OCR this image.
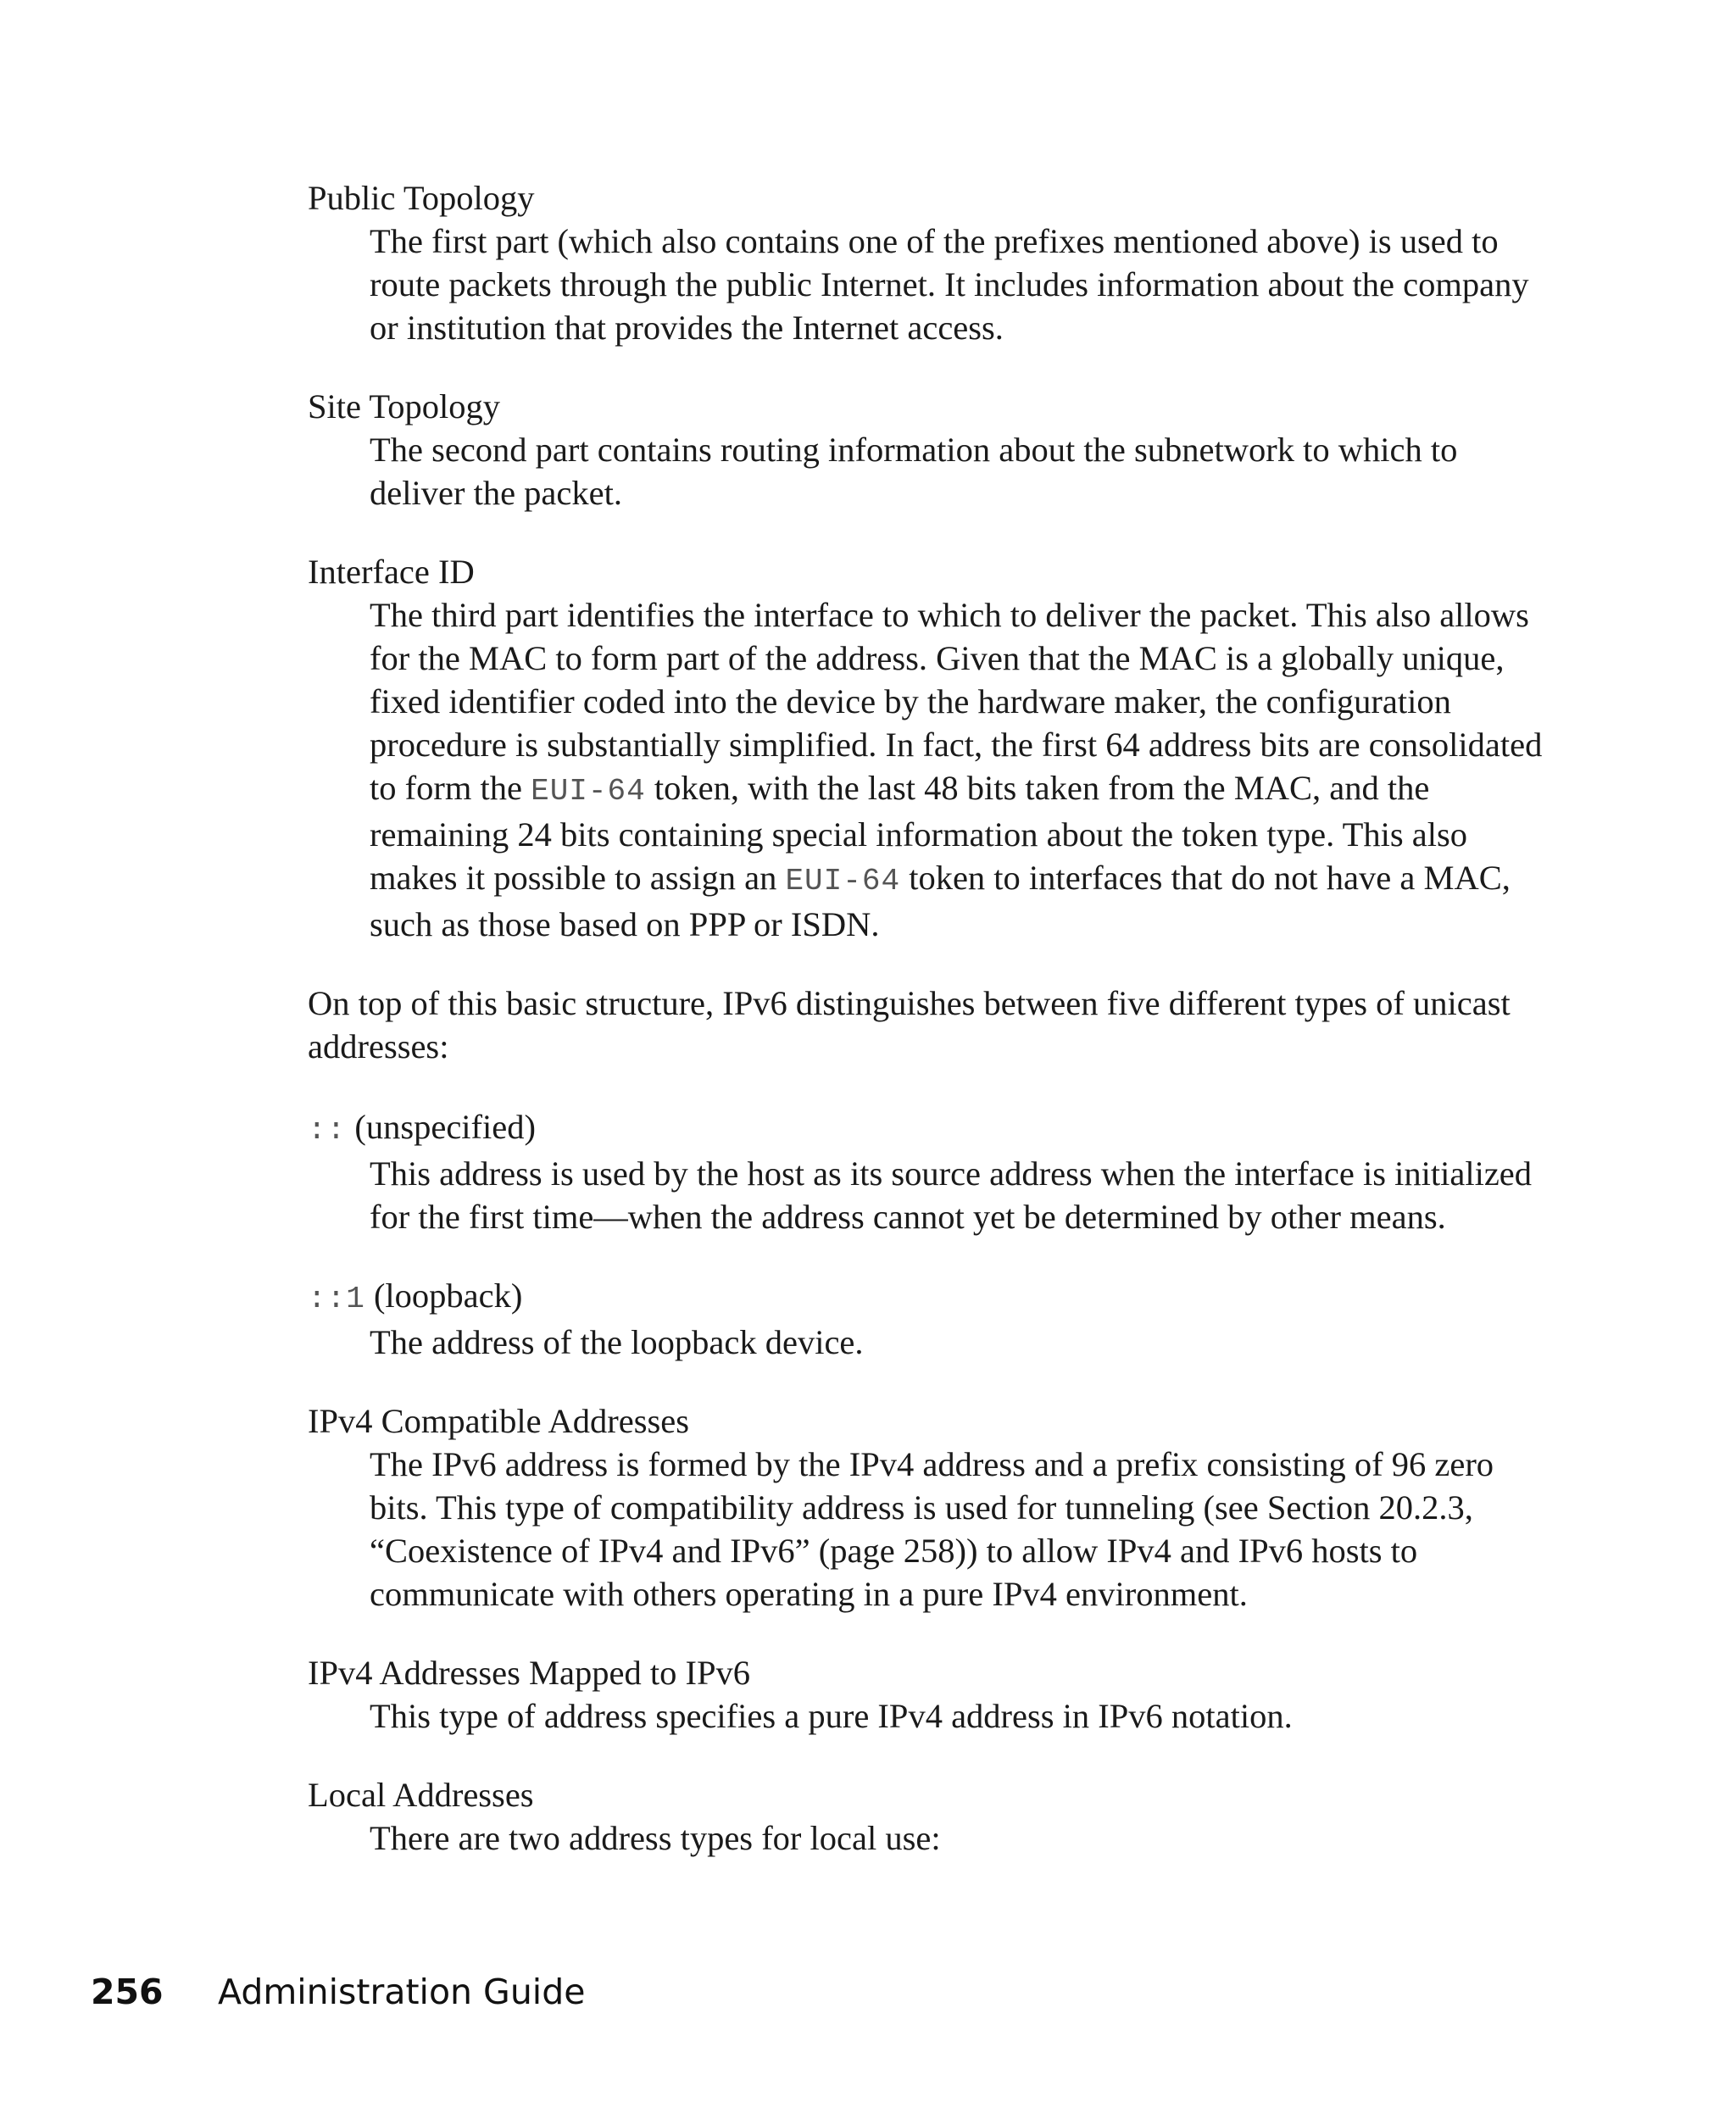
Public Topology

The first part (which also contains one of the prefixes mentioned above) is used to route packets through the public Internet. It includes information about the company or institution that provides the Internet access.

Site Topology

The second part contains routing information about the subnetwork to which to deliver the packet.

Interface ID

The third part identifies the interface to which to deliver the packet. This also allows for the MAC to form part of the address. Given that the MAC is a globally unique, fixed identifier coded into the device by the hardware maker, the configuration procedure is substantially simplified. In fact, the first 64 address bits are consolidated to form the EUI-64 token, with the last 48 bits taken from the MAC, and the remaining 24 bits containing special information about the token type. This also makes it possible to assign an EUI-64 token to interfaces that do not have a MAC, such as those based on PPP or ISDN.

On top of this basic structure, IPv6 distinguishes between five different types of unicast addresses:

:: (unspecified)

This address is used by the host as its source address when the interface is initialized for the first time—when the address cannot yet be determined by other means.

::1 (loopback)

The address of the loopback device.

IPv4 Compatible Addresses

The IPv6 address is formed by the IPv4 address and a prefix consisting of 96 zero bits. This type of compatibility address is used for tunneling (see Section 20.2.3, “Coexistence of IPv4 and IPv6” (page 258)) to allow IPv4 and IPv6 hosts to communicate with others operating in a pure IPv4 environment.

IPv4 Addresses Mapped to IPv6

This type of address specifies a pure IPv4 address in IPv6 notation.

Local Addresses

There are two address types for local use:

256 Administration Guide
